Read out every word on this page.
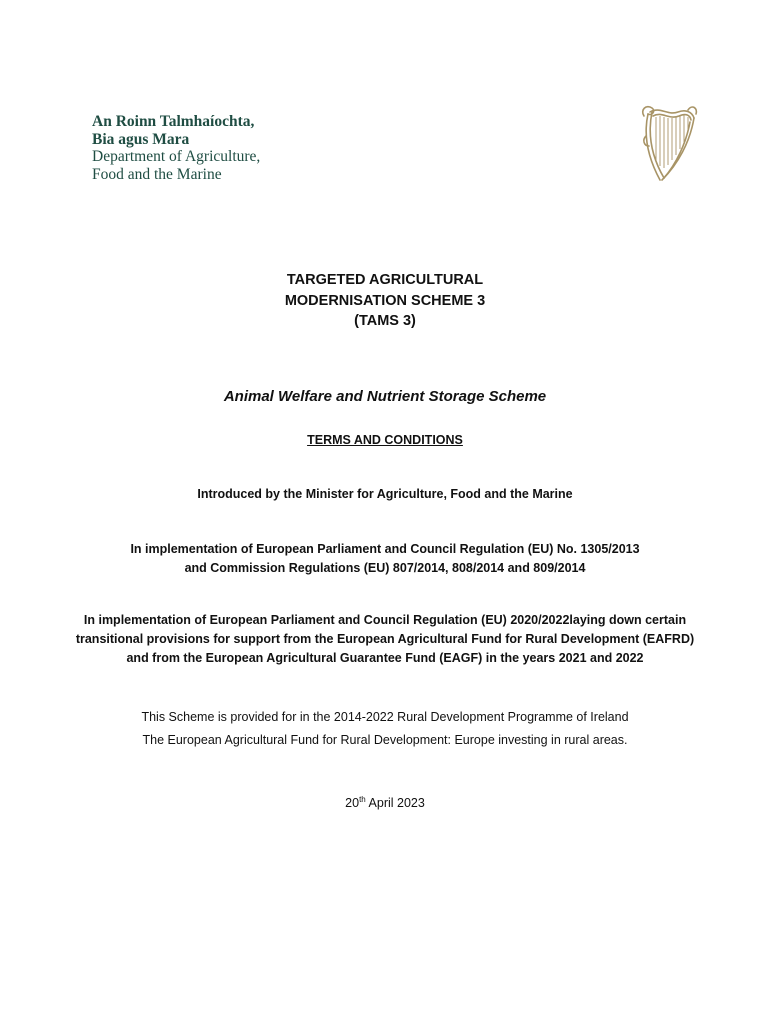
An Roinn Talmhaíochta,
Bia agus Mara
Department of Agriculture,
Food and the Marine
TARGETED AGRICULTURAL
MODERNISATION SCHEME 3
(TAMS 3)
Animal Welfare and Nutrient Storage Scheme
TERMS AND CONDITIONS
Introduced by the Minister for Agriculture, Food and the Marine
In implementation of European Parliament and Council Regulation (EU) No. 1305/2013
and Commission Regulations (EU) 807/2014, 808/2014 and 809/2014
In implementation of European Parliament and Council Regulation (EU) 2020/2022laying down certain
transitional provisions for support from the European Agricultural Fund for Rural Development (EAFRD)
and from the European Agricultural Guarantee Fund (EAGF) in the years 2021 and 2022
This Scheme is provided for in the 2014-2022 Rural Development Programme of Ireland
The European Agricultural Fund for Rural Development: Europe investing in rural areas.
20th April 2023
